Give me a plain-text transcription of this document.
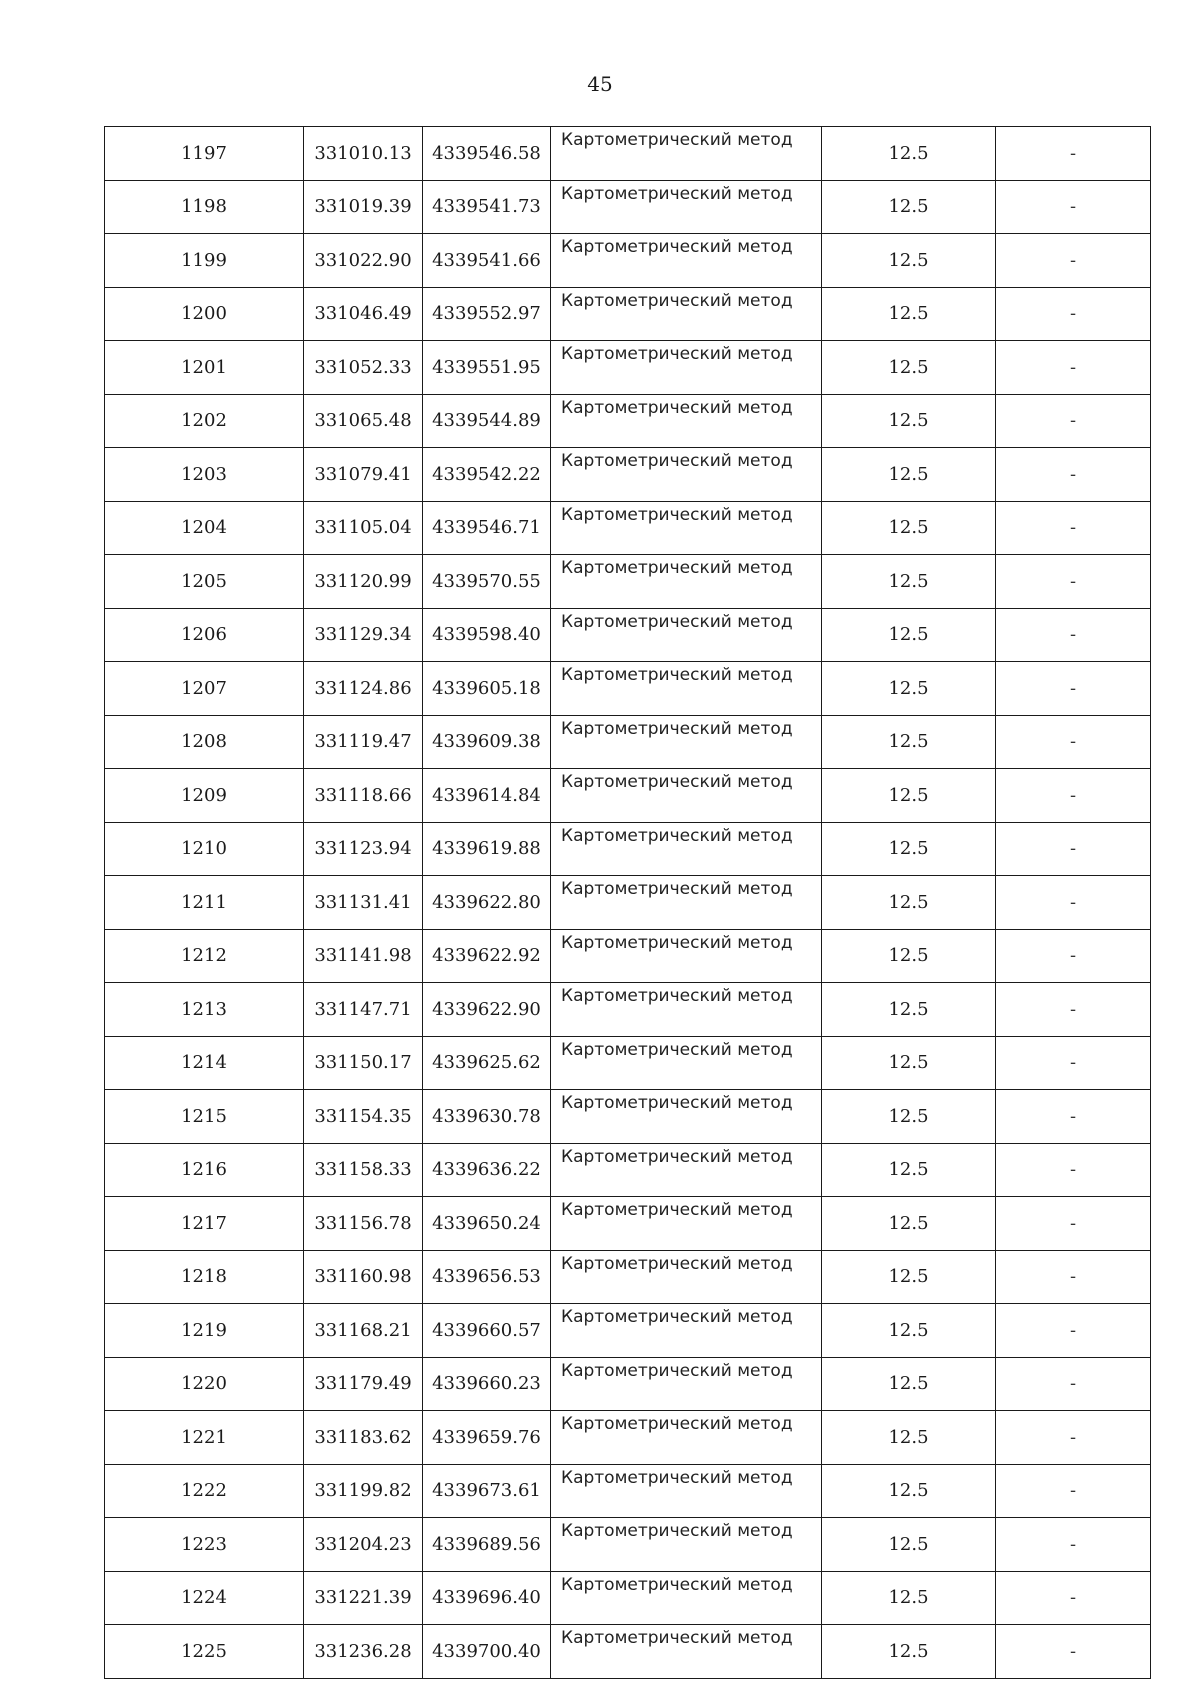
45
1197	331010.13	4339546.58	Картометрический метод	12.5	-
1198	331019.39	4339541.73	Картометрический метод	12.5	-
1199	331022.90	4339541.66	Картометрический метод	12.5	-
1200	331046.49	4339552.97	Картометрический метод	12.5	-
1201	331052.33	4339551.95	Картометрический метод	12.5	-
1202	331065.48	4339544.89	Картометрический метод	12.5	-
1203	331079.41	4339542.22	Картометрический метод	12.5	-
1204	331105.04	4339546.71	Картометрический метод	12.5	-
1205	331120.99	4339570.55	Картометрический метод	12.5	-
1206	331129.34	4339598.40	Картометрический метод	12.5	-
1207	331124.86	4339605.18	Картометрический метод	12.5	-
1208	331119.47	4339609.38	Картометрический метод	12.5	-
1209	331118.66	4339614.84	Картометрический метод	12.5	-
1210	331123.94	4339619.88	Картометрический метод	12.5	-
1211	331131.41	4339622.80	Картометрический метод	12.5	-
1212	331141.98	4339622.92	Картометрический метод	12.5	-
1213	331147.71	4339622.90	Картометрический метод	12.5	-
1214	331150.17	4339625.62	Картометрический метод	12.5	-
1215	331154.35	4339630.78	Картометрический метод	12.5	-
1216	331158.33	4339636.22	Картометрический метод	12.5	-
1217	331156.78	4339650.24	Картометрический метод	12.5	-
1218	331160.98	4339656.53	Картометрический метод	12.5	-
1219	331168.21	4339660.57	Картометрический метод	12.5	-
1220	331179.49	4339660.23	Картометрический метод	12.5	-
1221	331183.62	4339659.76	Картометрический метод	12.5	-
1222	331199.82	4339673.61	Картометрический метод	12.5	-
1223	331204.23	4339689.56	Картометрический метод	12.5	-
1224	331221.39	4339696.40	Картометрический метод	12.5	-
1225	331236.28	4339700.40	Картометрический метод	12.5	-
